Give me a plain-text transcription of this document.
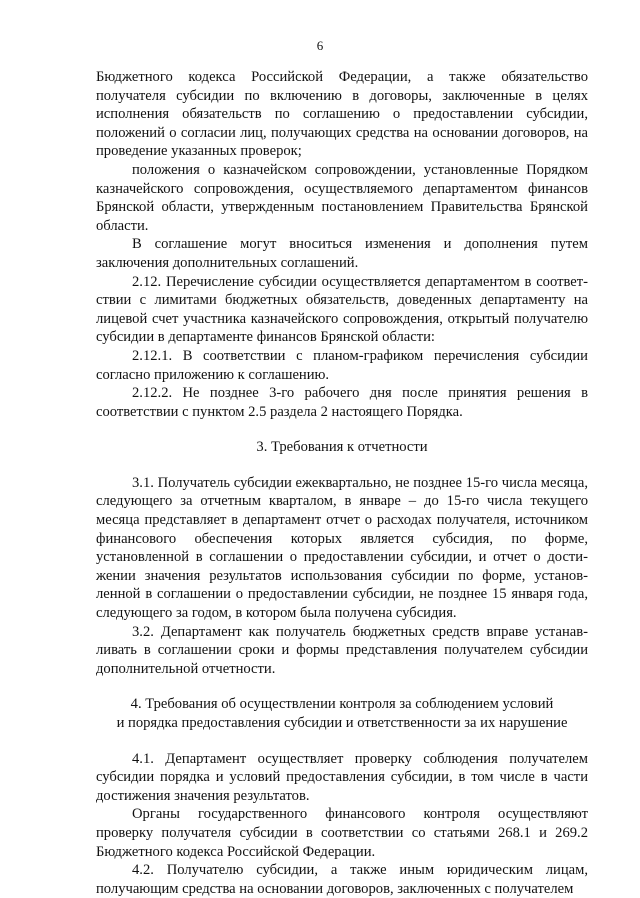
6

Бюджетного кодекса Российской Федерации, а также обязательство получателя субсидии по включению в договоры, заключенные в целях исполнения обязательств по соглашению о предоставлении субсидии, положений о согласии лиц, получающих средства на основании договоров, на проведение указанных проверок;

положения о казначейском сопровождении, установленные Порядком казначейского сопровождения, осуществляемого департаментом финансов Брянской области, утвержденным постановлением Правительства Брянской области.

В соглашение могут вноситься изменения и дополнения путем заключения дополнительных соглашений.

2.12. Перечисление субсидии осуществляется департаментом в соответствии с лимитами бюджетных обязательств, доведенных департаменту на лицевой счет участника казначейского сопровождения, открытый получателю субсидии в департаменте финансов Брянской области:

2.12.1. В соответствии с планом-графиком перечисления субсидии согласно приложению к соглашению.

2.12.2. Не позднее 3-го рабочего дня после принятия решения в соответствии с пунктом 2.5 раздела 2 настоящего Порядка.

3. Требования к отчетности

3.1. Получатель субсидии ежеквартально, не позднее 15-го числа месяца, следующего за отчетным кварталом, в январе – до 15-го числа текущего месяца представляет в департамент отчет о расходах получателя, источником финансового обеспечения которых является субсидия, по форме, установленной в соглашении о предоставлении субсидии, и отчет о достижении значения результатов использования субсидии по форме, установленной в соглашении о предоставлении субсидии, не позднее 15 января года, следующего за годом, в котором была получена субсидия.

3.2. Департамент как получатель бюджетных средств вправе устанавливать в соглашении сроки и формы представления получателем субсидии дополнительной отчетности.

4. Требования об осуществлении контроля за соблюдением условий

и порядка предоставления субсидии и ответственности за их нарушение

4.1. Департамент осуществляет проверку соблюдения получателем субсидии порядка и условий предоставления субсидии, в том числе в части достижения значения результатов.

Органы государственного финансового контроля осуществляют проверку получателя субсидии в соответствии со статьями 268.1 и 269.2 Бюджетного кодекса Российской Федерации.

4.2. Получателю субсидии, а также иным юридическим лицам, получающим средства на основании договоров, заключенных с получателем
